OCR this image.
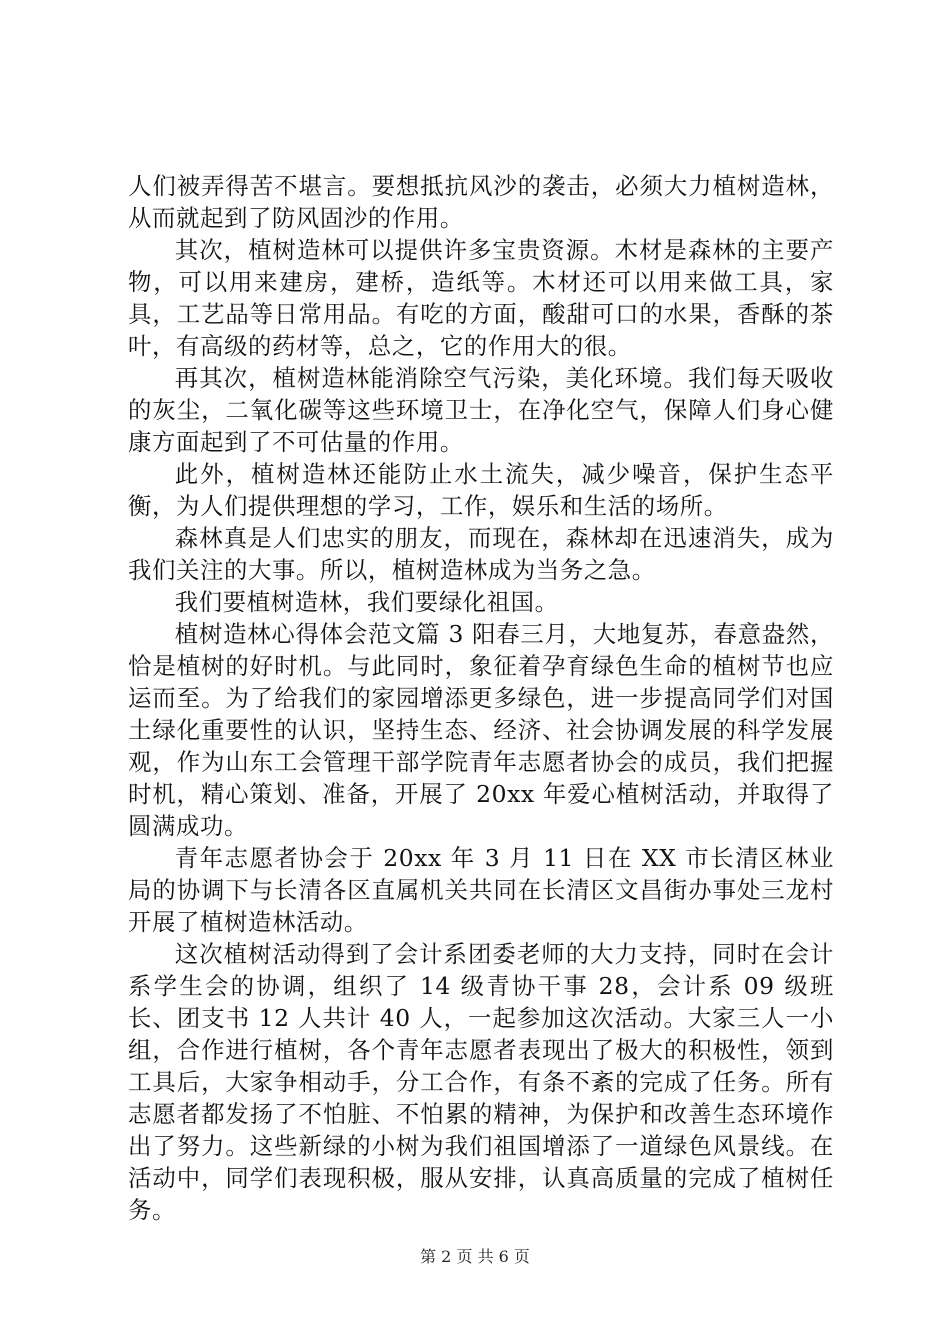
人们被弄得苦不堪言。要想抵抗风沙的袭击，必须大力植树造林，从而就起到了防风固沙的作用。

其次，植树造林可以提供许多宝贵资源。木材是森林的主要产物，可以用来建房，建桥，造纸等。木材还可以用来做工具，家具，工艺品等日常用品。有吃的方面，酸甜可口的水果，香酥的茶叶，有高级的药材等，总之，它的作用大的很。

再其次，植树造林能消除空气污染，美化环境。我们每天吸收的灰尘，二氧化碳等这些环境卫士，在净化空气，保障人们身心健康方面起到了不可估量的作用。

此外，植树造林还能防止水土流失，减少噪音，保护生态平衡，为人们提供理想的学习，工作，娱乐和生活的场所。

森林真是人们忠实的朋友，而现在，森林却在迅速消失，成为我们关注的大事。所以，植树造林成为当务之急。

我们要植树造林，我们要绿化祖国。

植树造林心得体会范文篇 3 阳春三月，大地复苏，春意盎然，恰是植树的好时机。与此同时，象征着孕育绿色生命的植树节也应运而至。为了给我们的家园增添更多绿色，进一步提高同学们对国土绿化重要性的认识，坚持生态、经济、社会协调发展的科学发展观，作为山东工会管理干部学院青年志愿者协会的成员，我们把握时机，精心策划、准备，开展了 20xx 年爱心植树活动，并取得了圆满成功。

青年志愿者协会于 20xx 年 3 月 11 日在 XX 市长清区林业局的协调下与长清各区直属机关共同在长清区文昌街办事处三龙村开展了植树造林活动。

这次植树活动得到了会计系团委老师的大力支持，同时在会计系学生会的协调，组织了 14 级青协干事 28，会计系 09 级班长、团支书 12 人共计 40 人，一起参加这次活动。大家三人一小组，合作进行植树，各个青年志愿者表现出了极大的积极性，领到工具后，大家争相动手，分工合作，有条不紊的完成了任务。所有志愿者都发扬了不怕脏、不怕累的精神，为保护和改善生态环境作出了努力。这些新绿的小树为我们祖国增添了一道绿色风景线。在活动中，同学们表现积极，服从安排，认真高质量的完成了植树任务。

第 2 页 共 6 页
